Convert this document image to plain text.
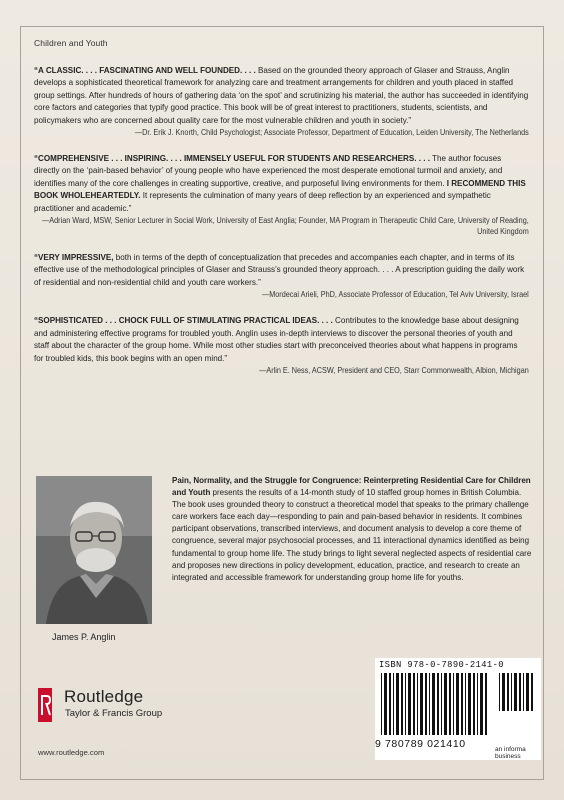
Children and Youth
“A CLASSIC. . . . FASCINATING AND WELL FOUNDED. . . . Based on the grounded theory approach of Glaser and Strauss, Anglin develops a sophisticated theoretical framework for analyzing care and treatment arrangements for children and youth placed in staffed group settings. After hundreds of hours of gathering data ‘on the spot’ and scrutinizing his material, the author has succeeded in identifying core factors and categories that typify good practice. This book will be of great interest to practitioners, students, scientists, and policymakers who are concerned about quality care for the most vulnerable children and youth in society.”
—Dr. Erik J. Knorth, Child Psychologist; Associate Professor, Department of Education, Leiden University, The Netherlands
“COMPREHENSIVE . . . INSPIRING. . . . IMMENSELY USEFUL FOR STUDENTS AND RESEARCHERS. . . . The author focuses directly on the ‘pain-based behavior’ of young people who have experienced the most desperate emotional turmoil and anxiety, and identifies many of the core challenges in creating supportive, creative, and purposeful living environments for them. I RECOMMEND THIS BOOK WHOLEHEARTEDLY. It represents the culmination of many years of deep reflection by an experienced and sympathetic practitioner and academic.”
—Adrian Ward, MSW, Senior Lecturer in Social Work, University of East Anglia; Founder, MA Program in Therapeutic Child Care, University of Reading, United Kingdom
“VERY IMPRESSIVE, both in terms of the depth of conceptualization that precedes and accompanies each chapter, and in terms of its effective use of the methodological principles of Glaser and Strauss’s grounded theory approach. . . . A prescription guiding the daily work of residential and non-residential child and youth care workers.”
—Mordecai Arieli, PhD, Associate Professor of Education, Tel Aviv University, Israel
“SOPHISTICATED . . . CHOCK FULL OF STIMULATING PRACTICAL IDEAS. . . . Contributes to the knowledge base about designing and administering effective programs for troubled youth. Anglin uses in-depth interviews to discover the personal theories of youth and staff about the character of the group home. While most other studies start with preconceived theories about what happens in programs for troubled kids, this book begins with an open mind.”
—Arlin E. Ness, ACSW, President and CEO, Starr Commonwealth, Albion, Michigan
James P. Anglin
Pain, Normality, and the Struggle for Congruence: Reinterpreting Residential Care for Children and Youth presents the results of a 14-month study of 10 staffed group homes in British Columbia. The book uses grounded theory to construct a theoretical model that speaks to the primary challenge care workers face each day—responding to pain and pain-based behavior in residents. It combines participant observations, transcribed interviews, and document analysis to develop a core theme of congruence, several major psychosocial processes, and 11 interactional dynamics identified as being fundamental to group home life. The study brings to light several neglected aspects of residential care and proposes new directions in policy development, education, practice, and research to create an integrated and accessible framework for understanding group home life for youths.
Routledge
Taylor & Francis Group
www.routledge.com
ISBN 978-0-7890-2141-0
9 780789 021410	an informa business
